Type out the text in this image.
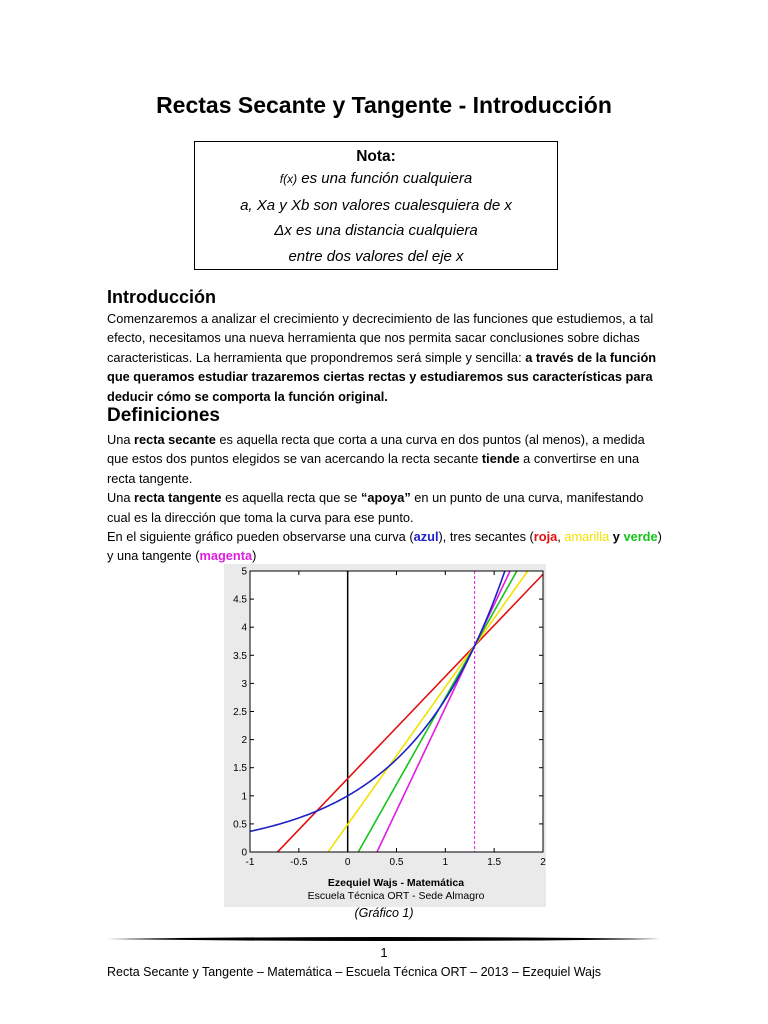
Rectas Secante y Tangente - Introducción
Nota:
f(x) es una función cualquiera
a, Xa y Xb son valores cualesquiera de x
Δx es una distancia cualquiera
entre dos valores del eje x
Introducción

Comenzaremos a analizar el crecimiento y decrecimiento de las funciones que estudiemos, a tal efecto, necesitamos una nueva herramienta que nos permita sacar conclusiones sobre dichas caracteristicas. La herramienta que propondremos será simple y sencilla: a través de la función que queramos estudiar trazaremos ciertas rectas y estudiaremos sus características para deducir cómo se comporta la función original.

Definiciones

Una recta secante es aquella recta que corta a una curva en dos puntos (al menos), a medida que estos dos puntos elegidos se van acercando la recta secante tiende a convertirse en una recta tangente.

Una recta tangente es aquella recta que se “apoya” en un punto de una curva, manifestando cual es la dirección que toma la curva para ese punto.

En el siguiente gráfico pueden observarse una curva (azul), tres secantes (roja, amarilla y verde) y una tangente (magenta)

-1	-0.5	0	0.5	1	1.5	2
0
0.5
1
1.5
2
2.5
3
3.5
4
4.5
5
Ezequiel Wajs - Matemática
Escuela Técnica ORT - Sede Almagro
(Gráfico 1)
1
Recta Secante y Tangente – Matemática – Escuela Técnica ORT – 2013 – Ezequiel Wajs
